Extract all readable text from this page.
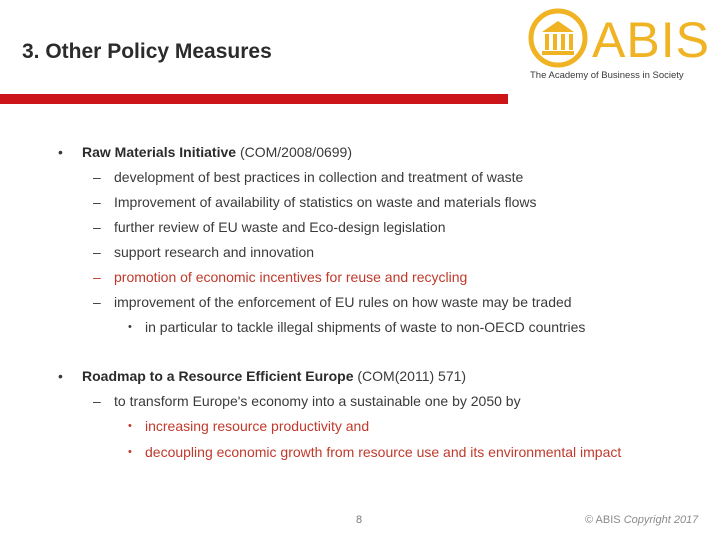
3. Other Policy Measures	ABIS
The Academy of Business in Society
• Raw Materials Initiative (COM/2008/0699)
– development of best practices in collection and treatment of waste
– Improvement of availability of statistics on waste and materials flows
– further review of EU waste and Eco-design legislation
– support research and innovation
– promotion of economic incentives for reuse and recycling
– improvement of the enforcement of EU rules on how waste may be traded
• in particular to tackle illegal shipments of waste to non-OECD countries
• Roadmap to a Resource Efficient Europe (COM(2011) 571)
– to transform Europe's economy into a sustainable one by 2050 by
• increasing resource productivity and
• decoupling economic growth from resource use and its environmental impact
8	© ABIS Copyright 2017
